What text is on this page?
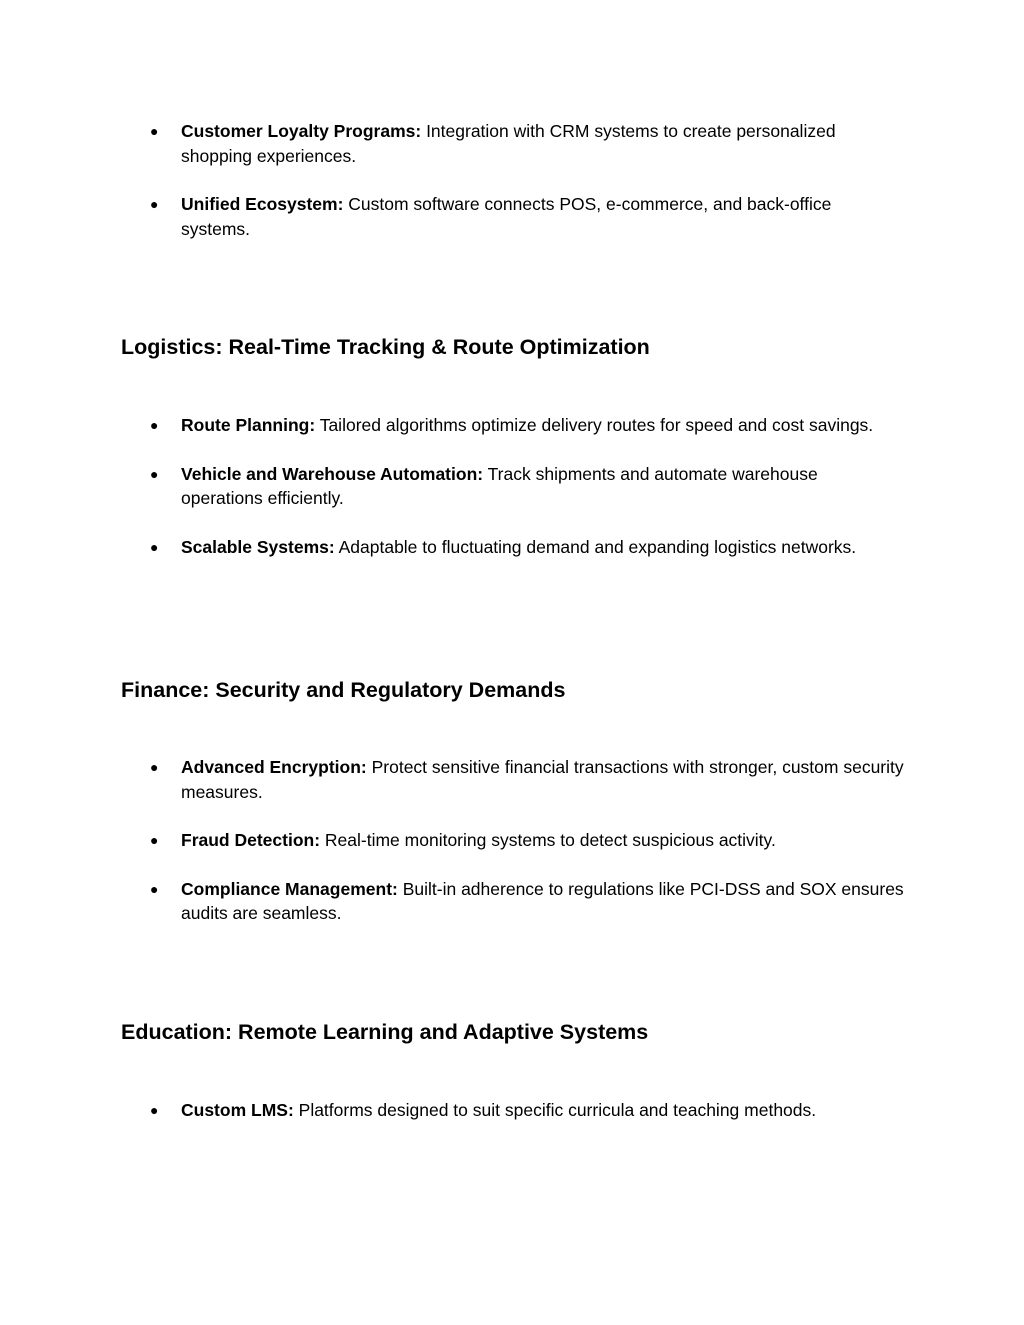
● Customer Loyalty Programs: Integration with CRM systems to create personalized shopping experiences.
● Unified Ecosystem: Custom software connects POS, e-commerce, and back-office systems.
Logistics: Real-Time Tracking & Route Optimization
● Route Planning: Tailored algorithms optimize delivery routes for speed and cost savings.
● Vehicle and Warehouse Automation: Track shipments and automate warehouse operations efficiently.
● Scalable Systems: Adaptable to fluctuating demand and expanding logistics networks.
Finance: Security and Regulatory Demands
● Advanced Encryption: Protect sensitive financial transactions with stronger, custom security measures.
● Fraud Detection: Real-time monitoring systems to detect suspicious activity.
● Compliance Management: Built-in adherence to regulations like PCI-DSS and SOX ensures audits are seamless.
Education: Remote Learning and Adaptive Systems
● Custom LMS: Platforms designed to suit specific curricula and teaching methods.
